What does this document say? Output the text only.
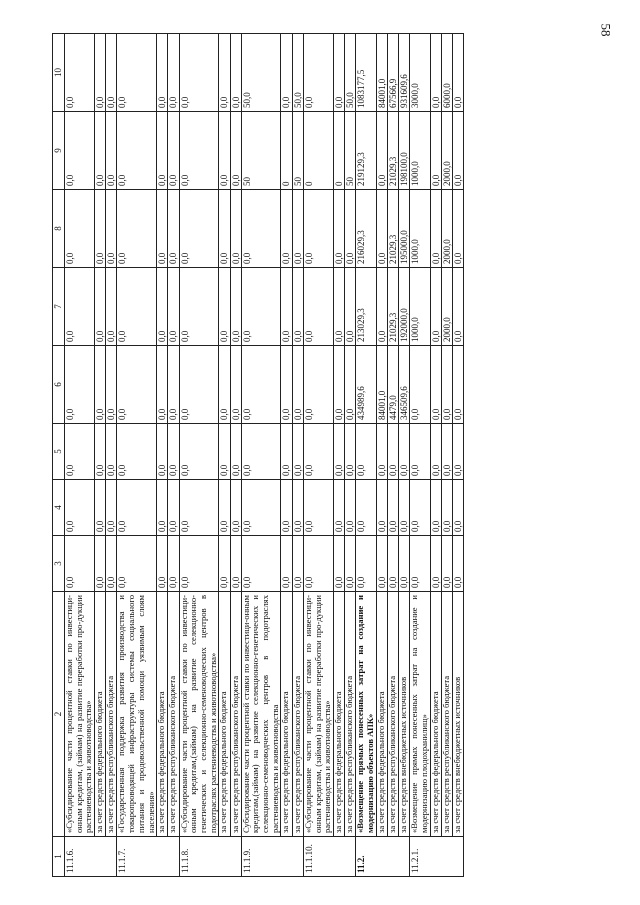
58
1	2	3	4	5	6	7	8	9	10
11.1.6.	«Субсидирование части процентной ставки по инвестици-онным кредитам, (займам) на развитие переработки про-дукции растениеводства и животноводства»	0,0	0,0	0,0	0,0	0,0	0,0	0,0	0,0
	за счет средств федерального бюджета	0,0	0,0	0,0	0,0	0,0	0,0	0,0	0,0
	за счет средств республиканского бюджета	0,0	0,0	0,0	0,0	0,0	0,0	0,0	0,0
11.1.7.	«Государственная поддержка развития производства и товаропроводящей инфраструктуры системы социального питания и продовольственной помощи уязвимым слоям населения»	0,0	0,0	0,0	0,0	0,0	0,0	0,0	0,0
	за счет средств федерального бюджета	0,0	0,0	0,0	0,0	0,0	0,0	0,0	0,0
	за счет средств республиканского бюджета	0,0	0,0	0,0	0,0	0,0	0,0	0,0	0,0
11.1.8.	«Субсидирование части процентной ставки по инвестици-онным кредитам,(займам) на развитие селекционно-генетических и селекционно-семеноводческих центров в подотраслях растениеводства и животноводства»	0,0	0,0	0,0	0,0	0,0	0,0	0,0	0,0
	за счет средств федерального бюджета	0,0	0,0	0,0	0,0	0,0	0,0	0,0	0,0
	за счет средств республиканского бюджета	0,0	0,0	0,0	0,0	0,0	0,0	0,0	0,0
11.1.9.	Субсидирование части процентной ставки по инвестици-онным кредитам,(займам) на развитие селекционно-генетических и селекционно-семеноводческих центров в подотраслях растениеводства и животноводства	0,0	0,0	0,0	0,0	0,0	0,0	50	50,0
	за счет средств федерального бюджета	0,0	0,0	0,0	0,0	0,0	0,0	0	0,0
	за счет средств республиканского бюджета	0,0	0,0	0,0	0,0	0,0	0,0	50	50,0
11.1.10.	«Субсидирование части процентной ставки по инвестици-онным кредитам, (займам) на развитие переработки про-дукции растениеводства и животноводства»	0,0	0,0	0,0	0,0	0,0	0,0	0	0,0
	за счет средств федерального бюджета	0,0	0,0	0,0	0,0	0,0	0,0	0	0,0
	за счет средств республиканского бюджета	0,0	0,0	0,0	0,0	0,0	0,0	50	50,0
11.2.	«Возмещение прямых понесенных затрат на создание и модернизацию объектов АПК»	0,0	0,0	0,0	434989,6	213029,3	216029,3	219129,3	1083177,5
	за счет средств федерального бюджета	0,0	0,0	0,0	84001,0	0,0	0,0	0,0	84001,0
	за счет средств республиканского бюджета	0,0	0,0	0,0	4479,0	21029,3	21029,3	21029,3	67566,9
	за счет средств внебюджетных источников	0,0	0,0	0,0	346509,6	192000,0	195000,0	198100,0	931609,6
11.2.1.	«Возмещение прямых понесенных затрат на создание и модернизацию плодохранилищ»	0,0	0,0	0,0	0,0	1000,0	1000,0	1000,0	3000,0
	за счет средств федерального бюджета	0,0	0,0	0,0	0,0	0,0	0,0	0,0	0,0
	за счет средств республиканского бюджета	0,0	0,0	0,0	0,0	2000,0	2000,0	2000,0	6000,0
	за счет средств внебюджетных источников	0,0	0,0	0,0	0,0	0,0	0,0	0,0	0,0
